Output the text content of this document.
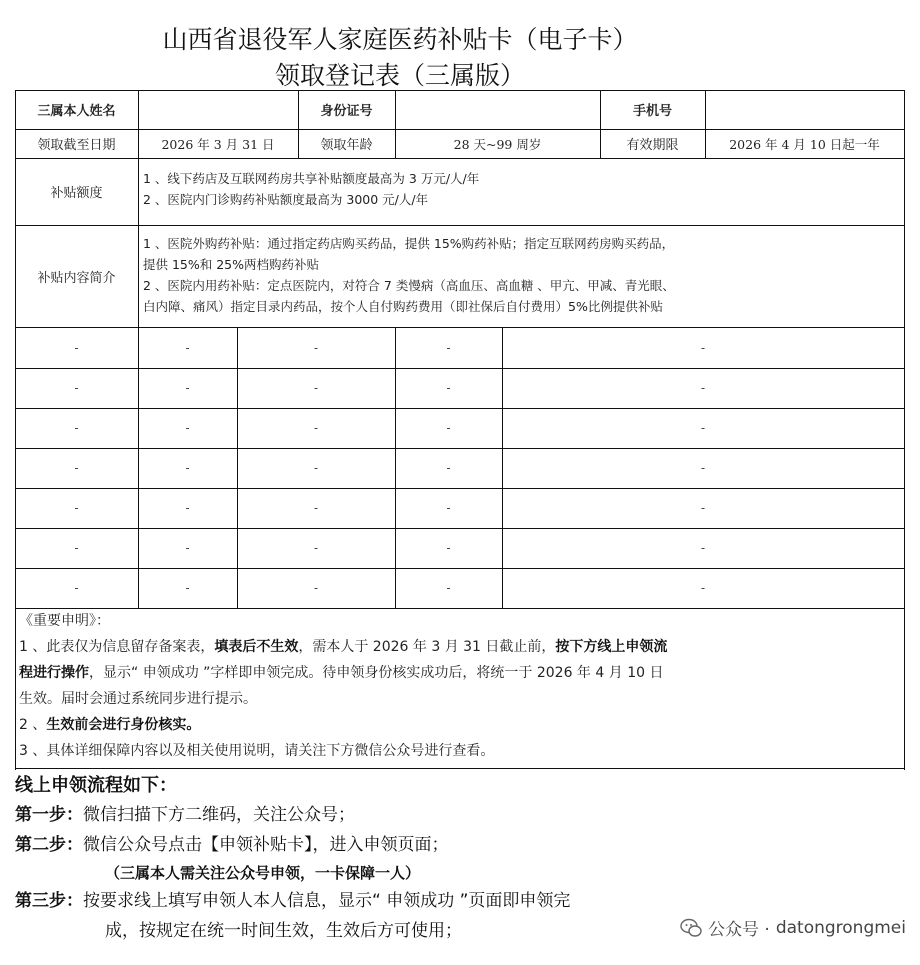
山西省退役军人家庭医药补贴卡（电子卡）
领取登记表（三属版）
三属本人姓名	身份证号	手机号
领取截至日期	2026 年 3 月 31 日	领取年龄	28 天~99 周岁	有效期限	2026 年 4 月 10 日起一年
补贴额度
1 、线下药店及互联网药房共享补贴额度最高为 3 万元/人/年
2 、医院内门诊购药补贴额度最高为 3000 元/人/年
补贴内容简介
1 、医院外购药补贴：通过指定药店购买药品，提供 15%购药补贴；指定互联网药房购买药品，
提供 15%和 25%两档购药补贴
2 、医院内用药补贴：定点医院内，对符合 7 类慢病（高血压、高血糖 、甲亢、甲减、青光眼、
白内障、痛风）指定目录内药品，按个人自付购药费用（即社保后自付费用）5%比例提供补贴
-	-	-	-	-
-	-	-	-	-
-	-	-	-	-
-	-	-	-	-
-	-	-	-	-
-	-	-	-	-
-	-	-	-	-
《重要申明》：
1 、此表仅为信息留存备案表，填表后不生效，需本人于 2026 年 3 月 31 日截止前，按下方线上申领流
程进行操作，显示“ 申领成功 ”字样即申领完成。待申领身份核实成功后，将统一于 2026 年 4 月 10 日
生效。届时会通过系统同步进行提示。
2 、生效前会进行身份核实。
3 、具体详细保障内容以及相关使用说明，请关注下方微信公众号进行查看。
线上申领流程如下：
第一步：微信扫描下方二维码，关注公众号；
第二步：微信公众号点击【申领补贴卡】，进入申领页面；
（三属本人需关注公众号申领，一卡保障一人）
第三步：按要求线上填写申领人本人信息，显示“ 申领成功 ”页面即申领完
成，按规定在统一时间生效，生效后方可使用；	公众号 · datongrongmei
